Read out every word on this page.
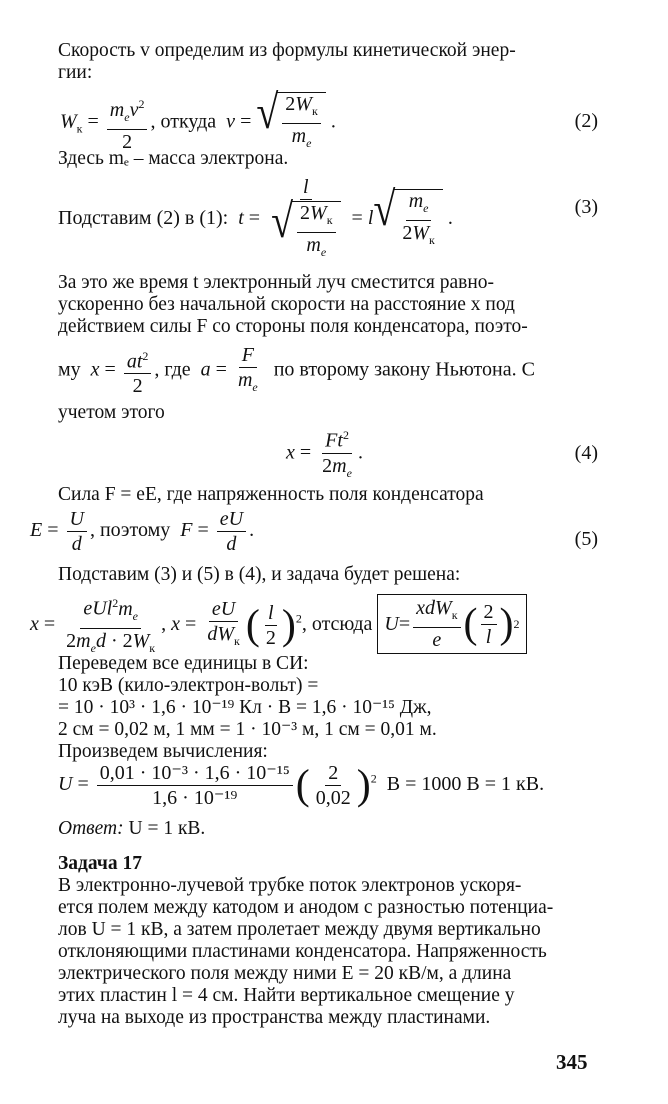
Скорость v определим из формулы кинетической энер-
гии:
$W_к = \frac{m_ev^2}{2}$ , откуда v = √ $\frac{2W_к}{m_e}$ .	(2)
Здесь mₑ – масса электрона.
Подставим (2) в (1): $t = \frac{l}{√ \frac{2W_к}{m_e}} = l$ √ $\frac{m_e}{2W_к}$ .
(3)
За это же время t электронный луч сместится равно-
ускоренно без начальной скорости на расстояние x под
действием силы F со стороны поля конденсатора, поэто-
му $x = \frac{at^2}{2}$ , где $a = \frac{F}{m_e}$ по второму закону Ньютона. С
учетом этого
$x = \frac{Ft^2}{2m_e}$ .	(4)
Сила F = eE, где напряженность поля конденсатора
$E = \frac{U}{d}$ , поэтому $F = \frac{eU}{d}$ .	(5)
Подставим (3) и (5) в (4), и задача будет решена:
$x = \frac{eUl^2m_e}{2m_ed \cdot 2W_к}$ , $x = \frac{eU}{dW_к}$ ( $\frac{l}{2} )^2$, отсюда $U = \frac{xdW_к}{e}$ ( $\frac{2}{l}$ ) 2
Переведем все единицы в СИ:
10 кэВ (кило-электрон-вольт) =
= 10 · 10³ · 1,6 · 10⁻¹⁹ Кл · В = 1,6 · 10⁻¹⁵ Дж,
2 см = 0,02 м, 1 мм = 1 · 10⁻³ м, 1 см = 0,01 м.
Произведем вычисления:
$U = \frac{\text{0,01 · 10⁻³ · 1,6 · 10⁻¹⁵}}{\text{1,6 · 10⁻¹⁹}}$ ( $\frac{2}{0,02} )^2$ В = 1000 В = 1 кВ.
Ответ: U = 1 кВ.
Задача 17
В электронно-лучевой трубке поток электронов ускоря-
ется полем между катодом и анодом с разностью потенциа-
лов U = 1 кВ, а затем пролетает между двумя вертикально
отклоняющими пластинами конденсатора. Напряженность
электрического поля между ними E = 20 кВ/м, а длина
этих пластин l = 4 см. Найти вертикальное смещение y
луча на выходе из пространства между пластинами.
345
